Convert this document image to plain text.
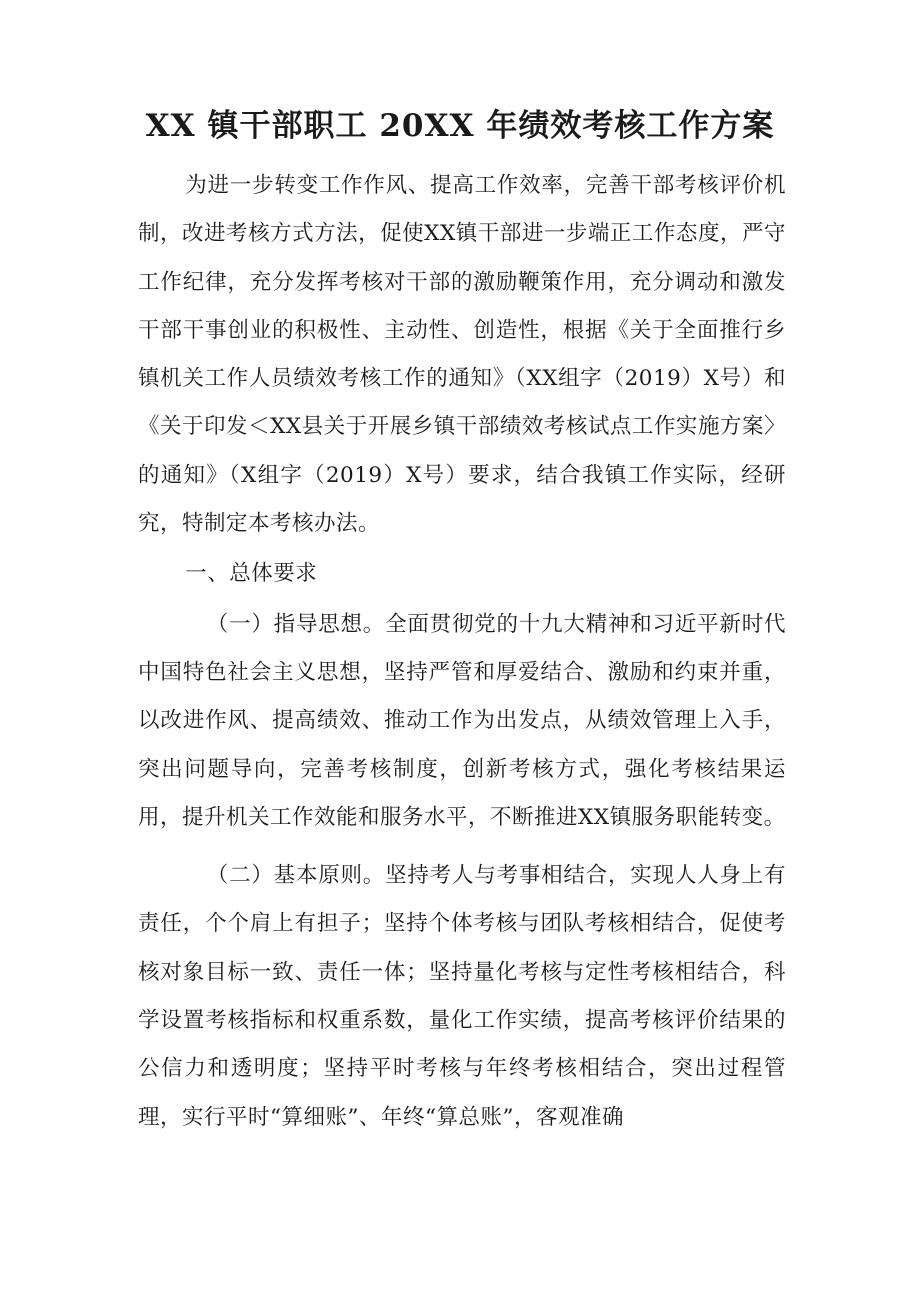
XX 镇干部职工 20XX 年绩效考核工作方案

为进一步转变工作作风、提高工作效率，完善干部考核评价机制，改进考核方式方法，促使XX镇干部进一步端正工作态度，严守工作纪律，充分发挥考核对干部的激励鞭策作用，充分调动和激发干部干事创业的积极性、主动性、创造性，根据《关于全面推行乡镇机关工作人员绩效考核工作的通知》（XX组字（2019）X号）和《关于印发＜XX县关于开展乡镇干部绩效考核试点工作实施方案〉的通知》（X组字（2019）X号）要求，结合我镇工作实际，经研究，特制定本考核办法。

一、总体要求

（一）指导思想。全面贯彻党的十九大精神和习近平新时代中国特色社会主义思想，坚持严管和厚爱结合、激励和约束并重，以改进作风、提高绩效、推动工作为出发点，从绩效管理上入手，突出问题导向，完善考核制度，创新考核方式，强化考核结果运用，提升机关工作效能和服务水平，不断推进XX镇服务职能转变。

（二）基本原则。坚持考人与考事相结合，实现人人身上有责任，个个肩上有担子；坚持个体考核与团队考核相结合，促使考核对象目标一致、责任一体；坚持量化考核与定性考核相结合，科学设置考核指标和权重系数，量化工作实绩，提高考核评价结果的公信力和透明度；坚持平时考核与年终考核相结合，突出过程管理，实行平时“算细账”、年终“算总账”，客观准确
